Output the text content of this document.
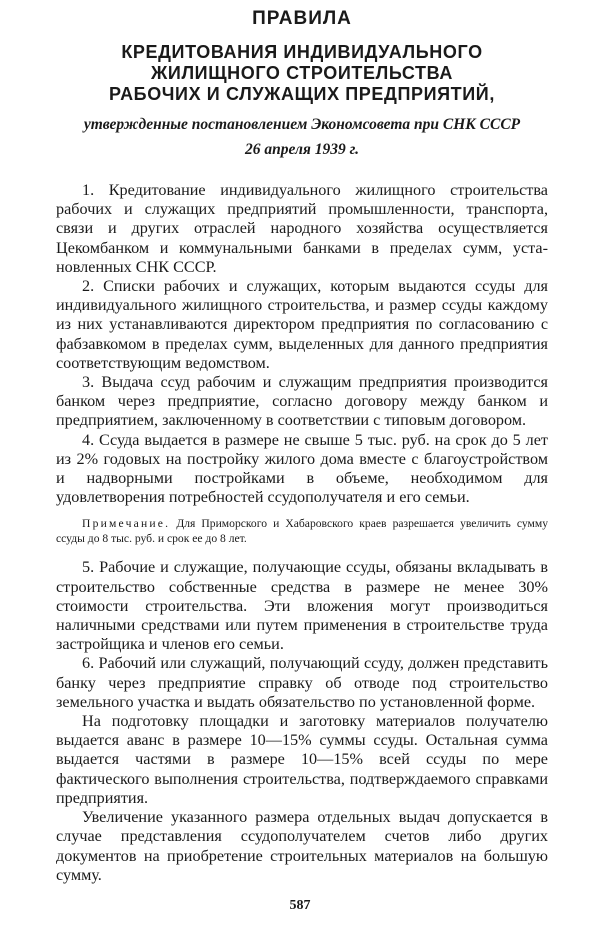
ПРАВИЛА
КРЕДИТОВАНИЯ ИНДИВИДУАЛЬНОГО
ЖИЛИЩНОГО СТРОИТЕЛЬСТВА
РАБОЧИХ И СЛУЖАЩИХ ПРЕДПРИЯТИЙ,

утвержденные постановлением Экономсовета при СНК СССР

26 апреля 1939 г.

1. Кредитование индивидуального жилищного строительства рабочих и служащих предприятий промышленности, транспорта, связи и других отраслей народного хозяйства осуществляется Цекомбанком и коммунальными банками в пределах сумм, установленных СНК СССР.

2. Списки рабочих и служащих, которым выдаются ссуды для индивидуального жилищного строительства, и размер ссуды каждому из них устанавливаются директором предприятия по согласованию с фабзавкомом в пределах сумм, выделенных для данного предприятия соответствующим ведомством.

3. Выдача ссуд рабочим и служащим предприятия производится банком через предприятие, согласно договору между банком и предприятием, заключенному в соответствии с типовым договором.

4. Ссуда выдается в размере не свыше 5 тыс. руб. на срок до 5 лет из 2% годовых на постройку жилого дома вместе с благоустройством и надворными постройками в объеме, необходимом для удовлетворения потребностей ссудополучателя и его семьи.

Примечание. Для Приморского и Хабаровского краев разрешается увеличить сумму ссуды до 8 тыс. руб. и срок ее до 8 лет.

5. Рабочие и служащие, получающие ссуды, обязаны вкладывать в строительство собственные средства в размере не менее 30% стоимости строительства. Эти вложения могут производиться наличными средствами или путем применения в строительстве труда застройщика и членов его семьи.

6. Рабочий или служащий, получающий ссуду, должен представить банку через предприятие справку об отводе под строительство земельного участка и выдать обязательство по установленной форме.

На подготовку площадки и заготовку материалов получателю выдается аванс в размере 10—15% суммы ссуды. Остальная сумма выдается частями в размере 10—15% всей ссуды по мере фактического выполнения строительства, подтверждаемого справками предприятия.

Увеличение указанного размера отдельных выдач допускается в случае представления ссудополучателем счетов либо других документов на приобретение строительных материалов на большую сумму.

587
